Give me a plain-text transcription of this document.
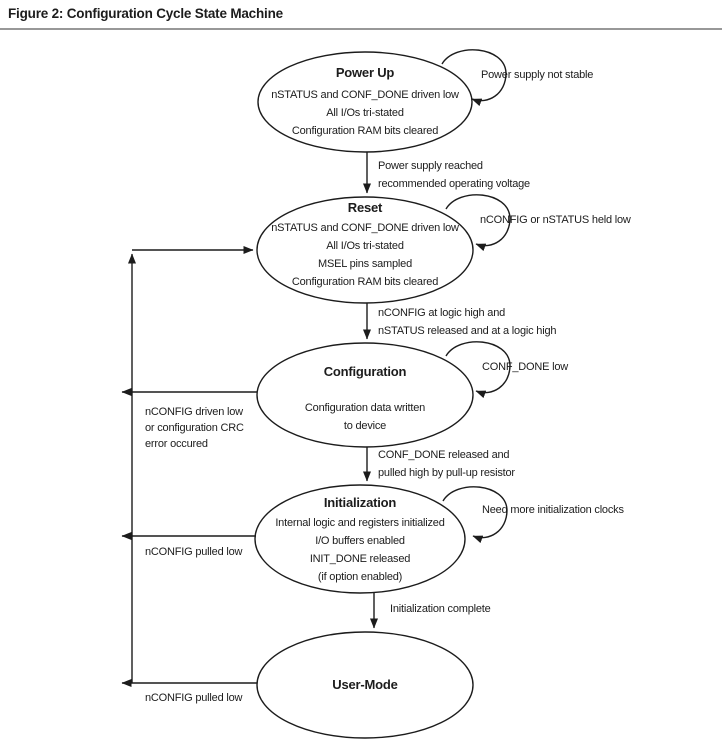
Figure 2: Configuration Cycle State Machine
Power Up
nSTATUS and CONF_DONE driven low
All I/Os tri-stated
Configuration RAM bits cleared
Reset
nSTATUS and CONF_DONE driven low
All I/Os tri-stated
MSEL pins sampled
Configuration RAM bits cleared
Configuration
Configuration data written
to device
Initialization
Internal logic and registers initialized
I/O buffers enabled
INIT_DONE released
(if option enabled)
User-Mode
Power supply reached
recommended operating voltage
nCONFIG at logic high and
nSTATUS released and at a logic high
CONF_DONE released and
pulled high by pull-up resistor
Initialization complete
Power supply not stable
nCONFIG or nSTATUS held low
CONF_DONE low
Need more initialization clocks
nCONFIG driven low
or configuration CRC
error occured
nCONFIG pulled low
nCONFIG pulled low
